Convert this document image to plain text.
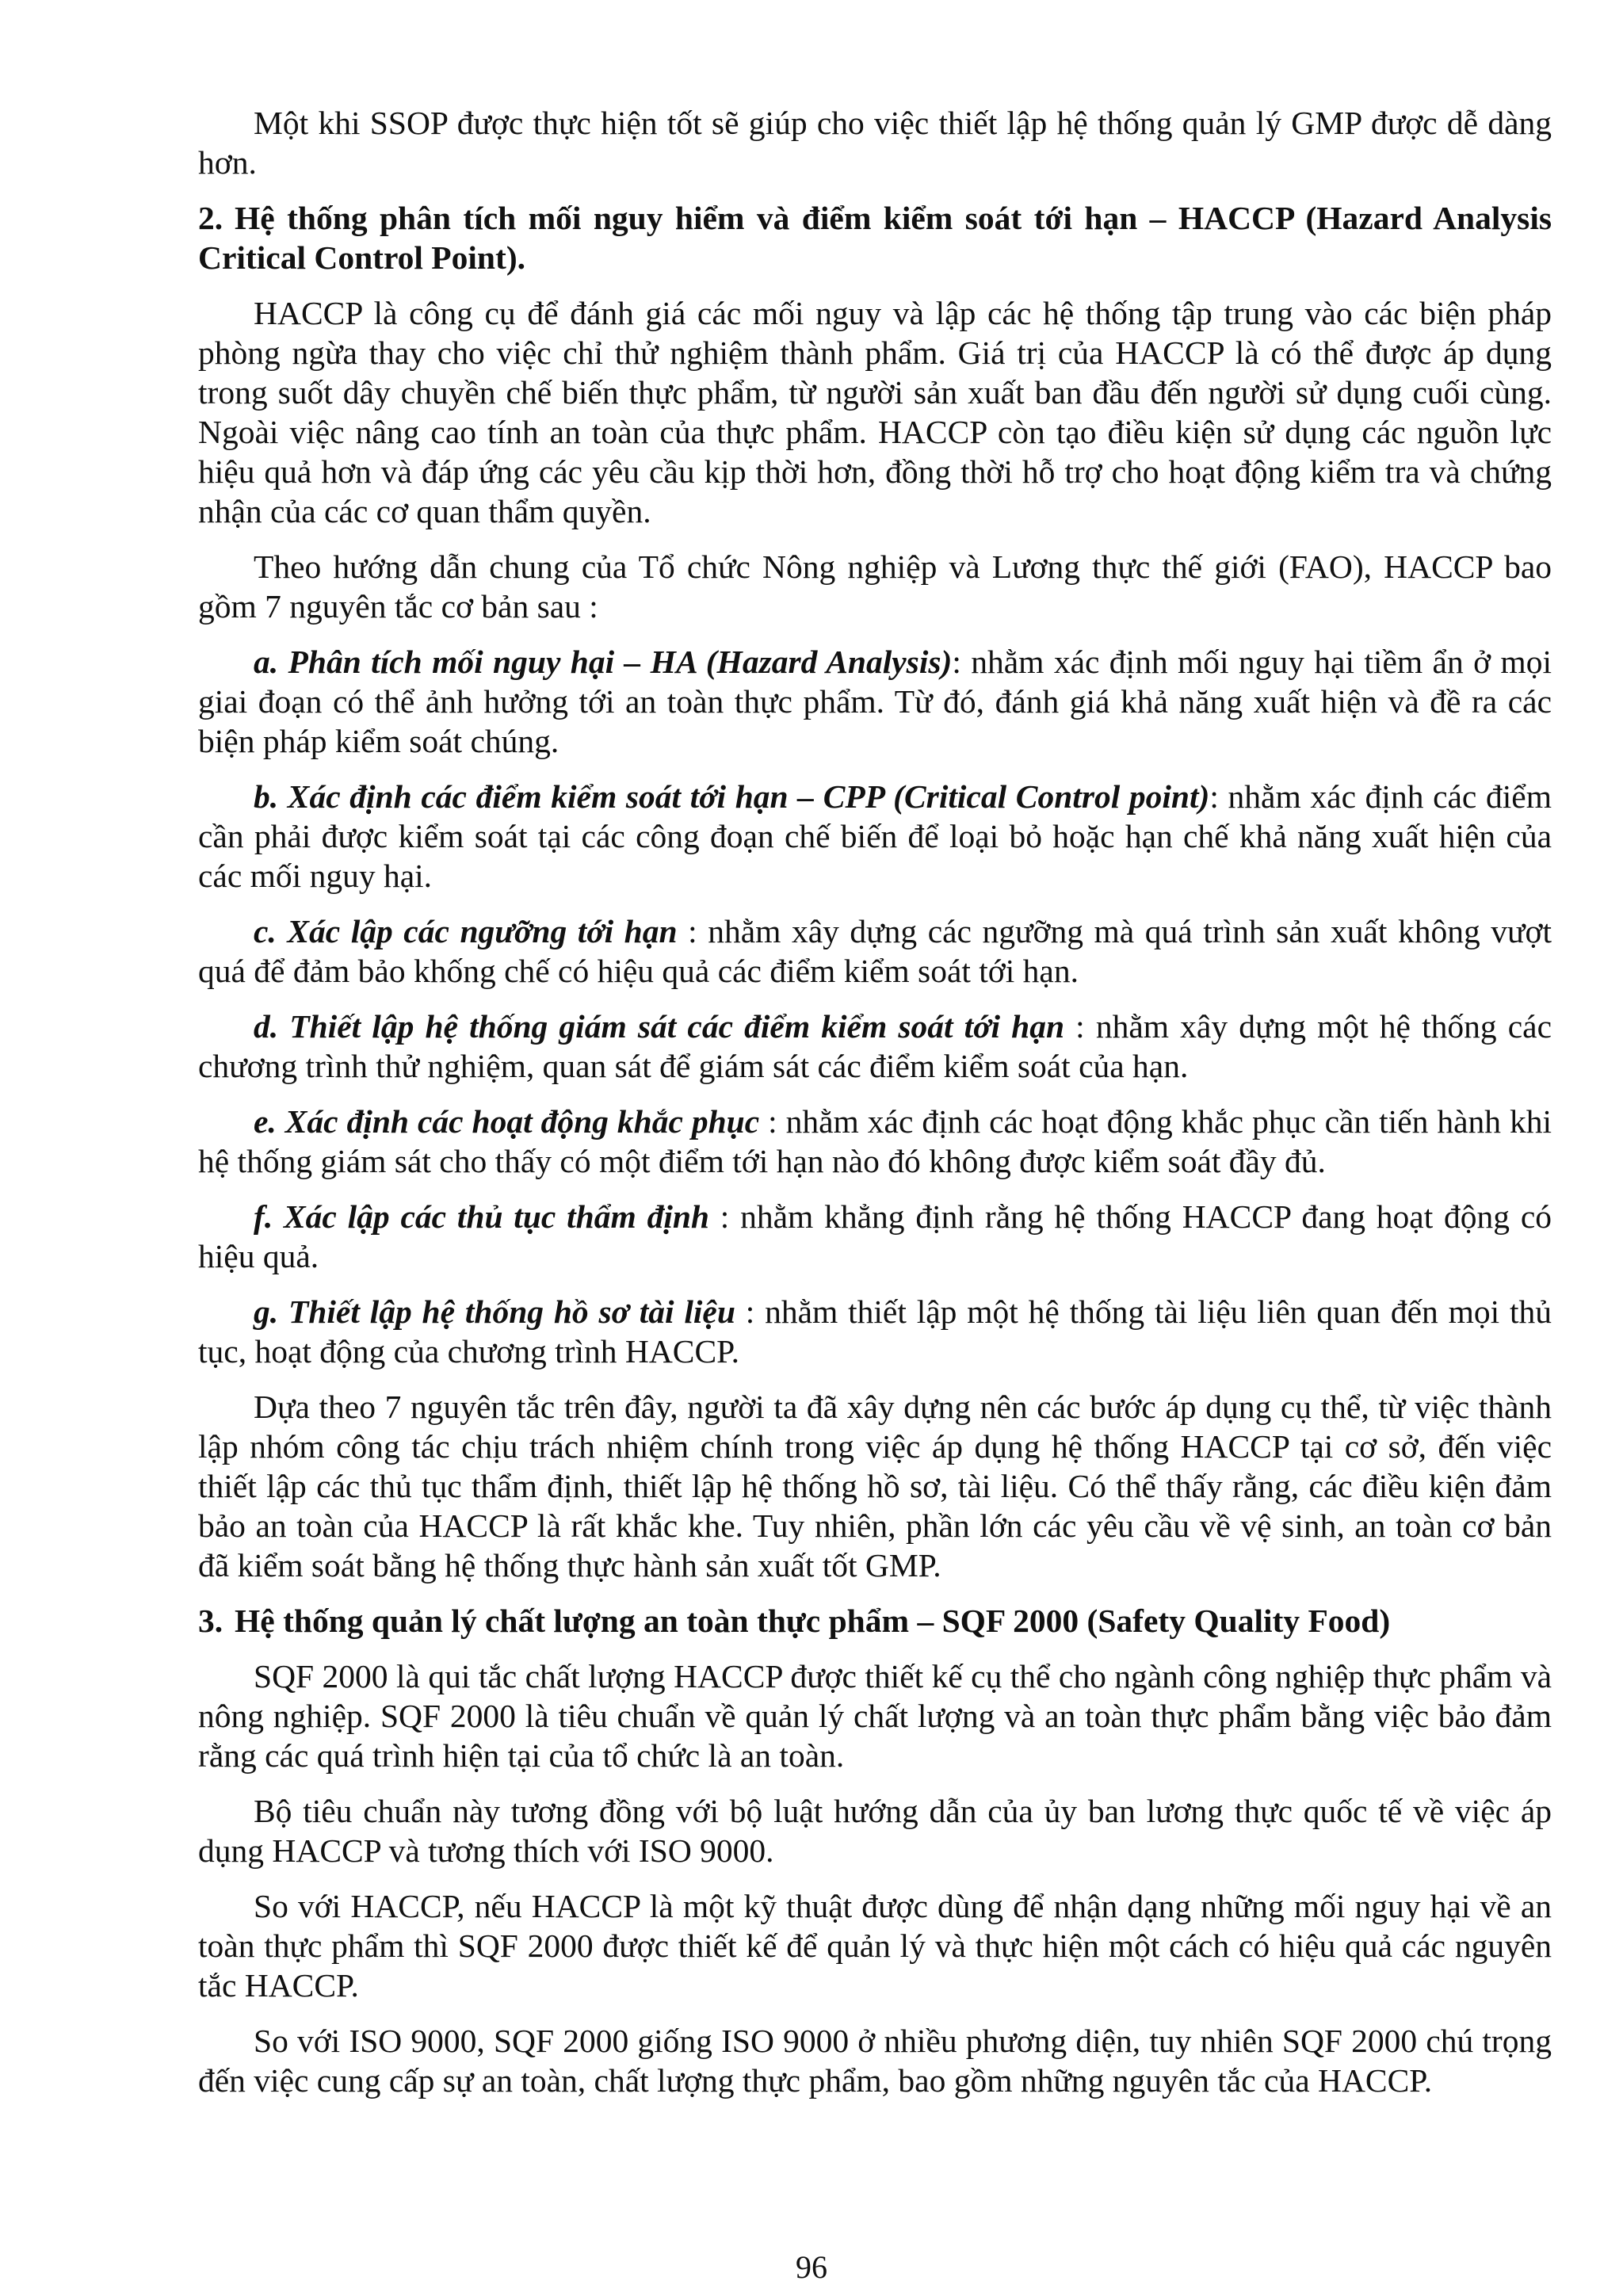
Một khi SSOP được thực hiện tốt sẽ giúp cho việc thiết lập hệ thống quản lý GMP được dễ dàng hơn.

2. Hệ thống phân tích mối nguy hiểm và điểm kiểm soát tới hạn – HACCP (Hazard Analysis Critical Control Point).

HACCP là công cụ để đánh giá các mối nguy và lập các hệ thống tập trung vào các biện pháp phòng ngừa thay cho việc chỉ thử nghiệm thành phẩm. Giá trị của HACCP là có thể được áp dụng trong suốt dây chuyền chế biến thực phẩm, từ người sản xuất ban đầu đến người sử dụng cuối cùng. Ngoài việc nâng cao tính an toàn của thực phẩm. HACCP còn tạo điều kiện sử dụng các nguồn lực hiệu quả hơn và đáp ứng các yêu cầu kịp thời hơn, đồng thời hỗ trợ cho hoạt động kiểm tra và chứng nhận của các cơ quan thẩm quyền.

Theo hướng dẫn chung của Tổ chức Nông nghiệp và Lương thực thế giới (FAO), HACCP bao gồm 7 nguyên tắc cơ bản sau :

a. Phân tích mối nguy hại – HA (Hazard Analysis): nhằm xác định mối nguy hại tiềm ẩn ở mọi giai đoạn có thể ảnh hưởng tới an toàn thực phẩm. Từ đó, đánh giá khả năng xuất hiện và đề ra các biện pháp kiểm soát chúng.

b. Xác định các điểm kiểm soát tới hạn – CPP (Critical Control point): nhằm xác định các điểm cần phải được kiểm soát tại các công đoạn chế biến để loại bỏ hoặc hạn chế khả năng xuất hiện của các mối nguy hại.

c. Xác lập các ngưỡng tới hạn : nhằm xây dựng các ngưỡng mà quá trình sản xuất không vượt quá để đảm bảo khống chế có hiệu quả các điểm kiểm soát tới hạn.

d. Thiết lập hệ thống giám sát các điểm kiểm soát tới hạn : nhằm xây dựng một hệ thống các chương trình thử nghiệm, quan sát để giám sát các điểm kiểm soát của hạn.

e. Xác định các hoạt động khắc phục : nhằm xác định các hoạt động khắc phục cần tiến hành khi hệ thống giám sát cho thấy có một điểm tới hạn nào đó không được kiểm soát đầy đủ.

f. Xác lập các thủ tục thẩm định : nhằm khẳng định rằng hệ thống HACCP đang hoạt động có hiệu quả.

g. Thiết lập hệ thống hồ sơ tài liệu : nhằm thiết lập một hệ thống tài liệu liên quan đến mọi thủ tục, hoạt động của chương trình HACCP.

Dựa theo 7 nguyên tắc trên đây, người ta đã xây dựng nên các bước áp dụng cụ thể, từ việc thành lập nhóm công tác chịu trách nhiệm chính trong việc áp dụng hệ thống HACCP tại cơ sở, đến việc thiết lập các thủ tục thẩm định, thiết lập hệ thống hồ sơ, tài liệu. Có thể thấy rằng, các điều kiện đảm bảo an toàn của HACCP là rất khắc khe. Tuy nhiên, phần lớn các yêu cầu về vệ sinh, an toàn cơ bản đã kiểm soát bằng hệ thống thực hành sản xuất tốt GMP.

3. Hệ thống quản lý chất lượng an toàn thực phẩm – SQF 2000 (Safety Quality Food)

SQF 2000 là qui tắc chất lượng HACCP được thiết kế cụ thể cho ngành công nghiệp thực phẩm và nông nghiệp. SQF 2000 là tiêu chuẩn về quản lý chất lượng và an toàn thực phẩm bằng việc bảo đảm rằng các quá trình hiện tại của tổ chức là an toàn.

Bộ tiêu chuẩn này tương đồng với bộ luật hướng dẫn của ủy ban lương thực quốc tế về việc áp dụng HACCP và tương thích với ISO 9000.

So với HACCP, nếu HACCP là một kỹ thuật được dùng để nhận dạng những mối nguy hại về an toàn thực phẩm thì SQF 2000 được thiết kế để quản lý và thực hiện một cách có hiệu quả các nguyên tắc HACCP.

So với ISO 9000, SQF 2000 giống ISO 9000 ở nhiều phương diện, tuy nhiên SQF 2000 chú trọng đến việc cung cấp sự an toàn, chất lượng thực phẩm, bao gồm những nguyên tắc của HACCP.

96
